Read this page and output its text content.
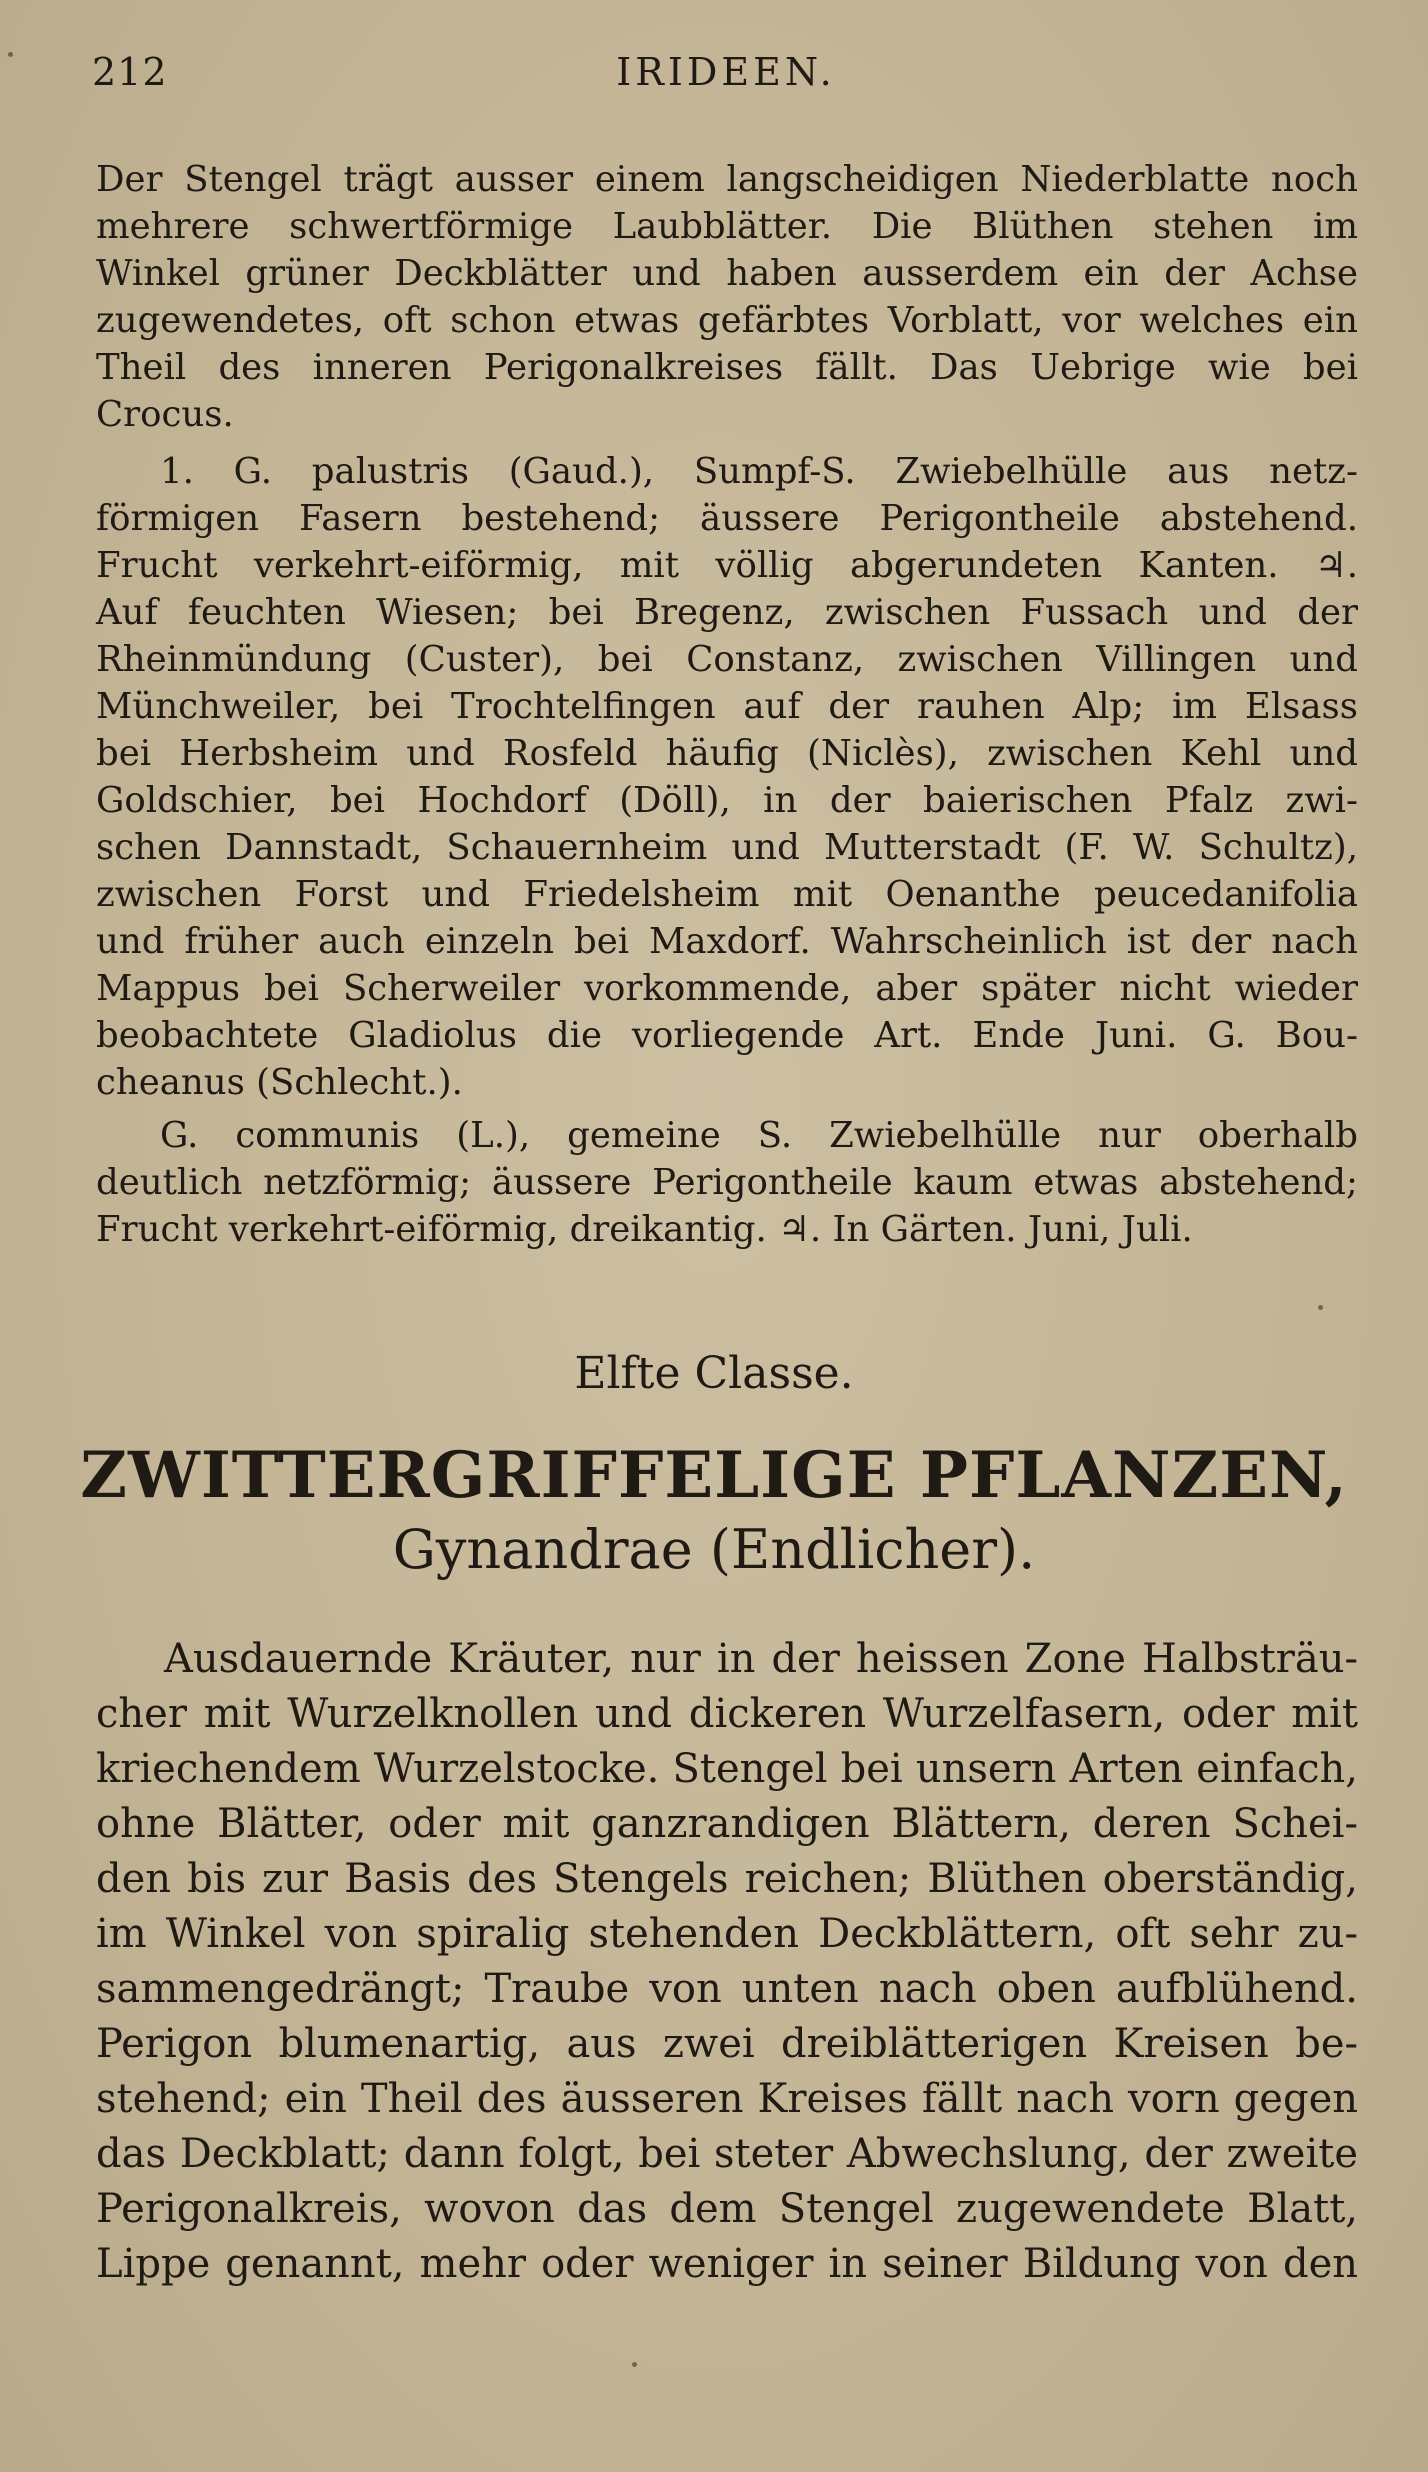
212	IRIDEEN.
Der Stengel trägt ausser einem langscheidigen Niederblatte noch
mehrere schwertförmige Laubblätter. Die Blüthen stehen im
Winkel grüner Deckblätter und haben ausserdem ein der Achse
zugewendetes, oft schon etwas gefärbtes Vorblatt, vor welches ein
Theil des inneren Perigonalkreises fällt. Das Uebrige wie bei
Crocus.
1. G. palustris (Gaud.), Sumpf-S. Zwiebelhülle aus netz-
förmigen Fasern bestehend; äussere Perigontheile abstehend.
Frucht verkehrt-eiförmig, mit völlig abgerundeten Kanten. ♃.
Auf feuchten Wiesen; bei Bregenz, zwischen Fussach und der
Rheinmündung (Custer), bei Constanz, zwischen Villingen und
Münchweiler, bei Trochtelfingen auf der rauhen Alp; im Elsass
bei Herbsheim und Rosfeld häufig (Niclès), zwischen Kehl und
Goldschier, bei Hochdorf (Döll), in der baierischen Pfalz zwi-
schen Dannstadt, Schauernheim und Mutterstadt (F. W. Schultz),
zwischen Forst und Friedelsheim mit Oenanthe peucedanifolia
und früher auch einzeln bei Maxdorf. Wahrscheinlich ist der nach
Mappus bei Scherweiler vorkommende, aber später nicht wieder
beobachtete Gladiolus die vorliegende Art. Ende Juni. G. Bou-
cheanus (Schlecht.).
G. communis (L.), gemeine S. Zwiebelhülle nur oberhalb
deutlich netzförmig; äussere Perigontheile kaum etwas abstehend;
Frucht verkehrt-eiförmig, dreikantig. ♃. In Gärten. Juni, Juli.
Elfte Classe.
ZWITTERGRIFFELIGE PFLANZEN,
Gynandrae (Endlicher).
Ausdauernde Kräuter, nur in der heissen Zone Halbsträu-
cher mit Wurzelknollen und dickeren Wurzelfasern, oder mit
kriechendem Wurzelstocke. Stengel bei unsern Arten einfach,
ohne Blätter, oder mit ganzrandigen Blättern, deren Schei-
den bis zur Basis des Stengels reichen; Blüthen oberständig,
im Winkel von spiralig stehenden Deckblättern, oft sehr zu-
sammengedrängt; Traube von unten nach oben aufblühend.
Perigon blumenartig, aus zwei dreiblätterigen Kreisen be-
stehend; ein Theil des äusseren Kreises fällt nach vorn gegen
das Deckblatt; dann folgt, bei steter Abwechslung, der zweite
Perigonalkreis, wovon das dem Stengel zugewendete Blatt,
Lippe genannt, mehr oder weniger in seiner Bildung von den
